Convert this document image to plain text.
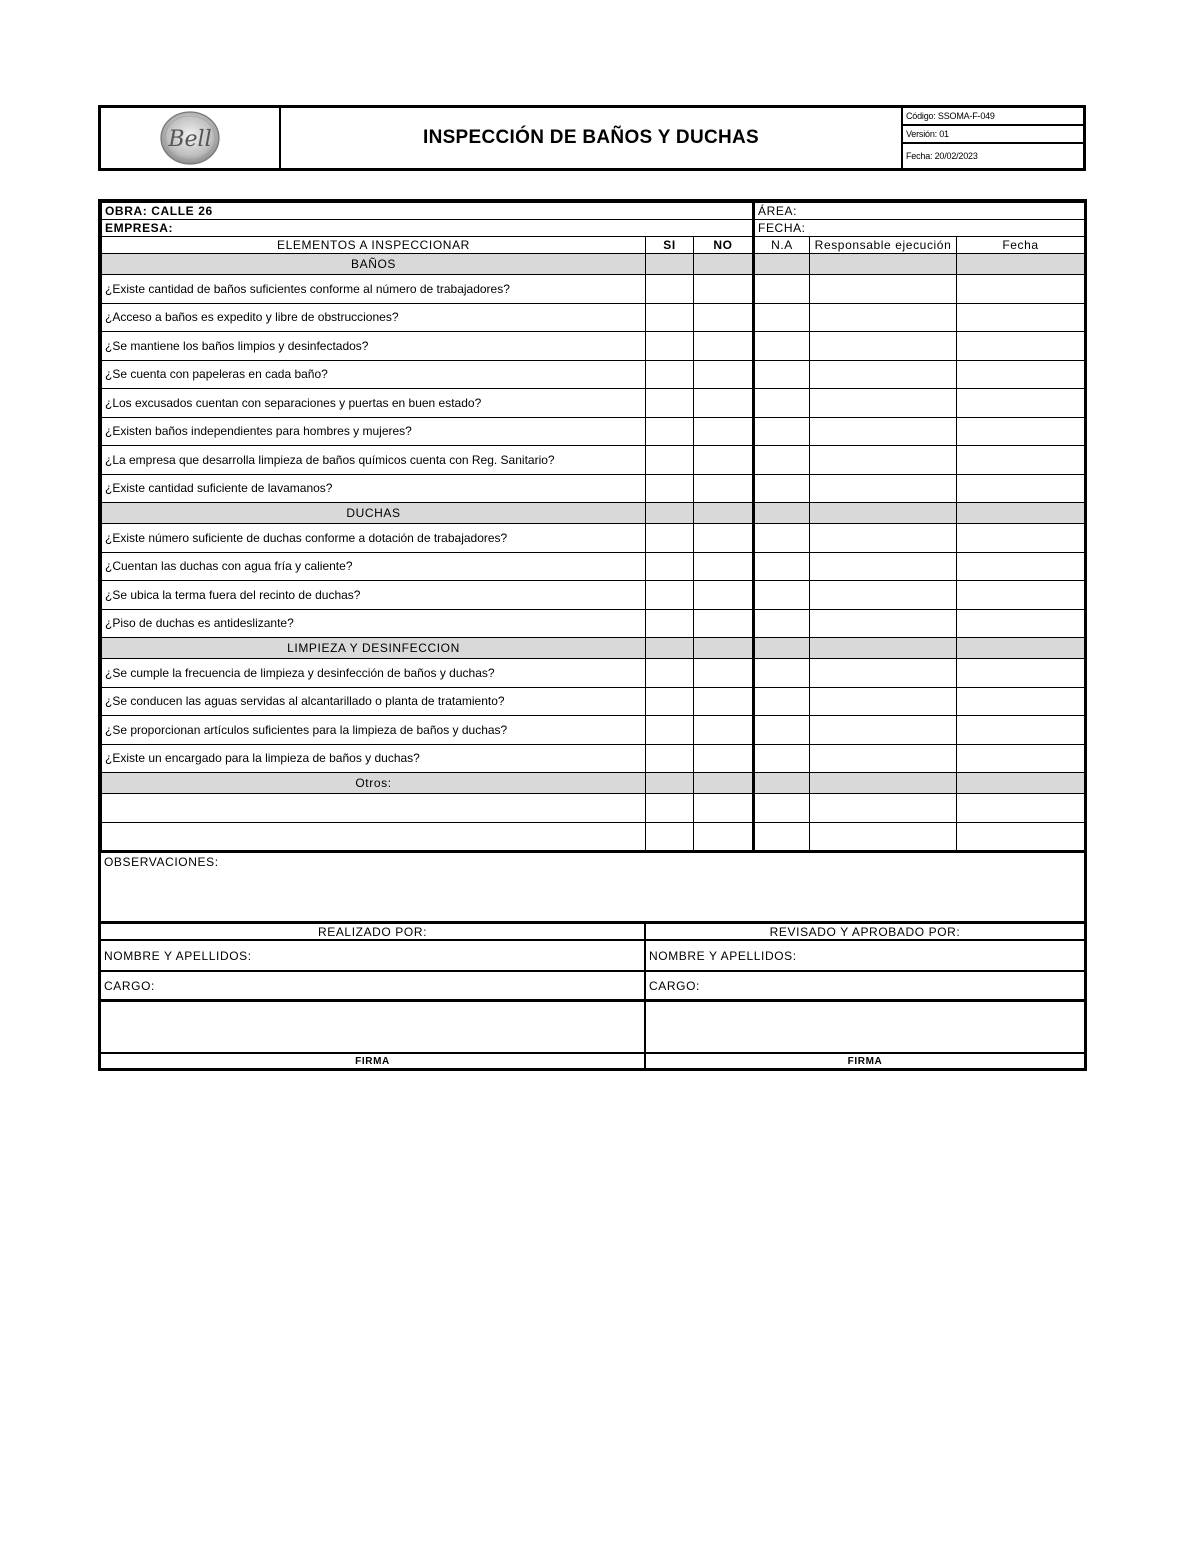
Bell	INSPECCIÓN DE BAÑOS Y DUCHAS
Código: SSOMA-F-049
Versión: 01
Fecha: 20/02/2023
OBRA: CALLE 26			ÁREA:		
EMPRESA:			FECHA:		
ELEMENTOS A INSPECCIONAR	SI	NO	N.A	Responsable ejecución	Fecha
BAÑOS					
¿Existe cantidad de baños suficientes conforme al número de trabajadores?					
¿Acceso a baños es expedito y libre de obstrucciones?					
¿Se mantiene los baños limpios y desinfectados?					
¿Se cuenta con papeleras en cada baño?					
¿Los excusados cuentan con separaciones y puertas en buen estado?					
¿Existen baños independientes para hombres y mujeres?					
¿La empresa que desarrolla limpieza de baños químicos cuenta con Reg. Sanitario?					
¿Existe cantidad suficiente de lavamanos?					
DUCHAS					
¿Existe número suficiente de duchas conforme a dotación de trabajadores?					
¿Cuentan las duchas con agua fría y caliente?					
¿Se ubica la terma fuera del recinto de duchas?					
¿Piso de duchas es antideslizante?					
LIMPIEZA Y DESINFECCION					
¿Se cumple la frecuencia de limpieza y desinfección de baños y duchas?					
¿Se conducen las aguas servidas al alcantarillado o planta de tratamiento?					
¿Se proporcionan artículos suficientes para la limpieza de baños y duchas?					
¿Existe un encargado para la limpieza de baños y duchas?					
Otros:					

OBSERVACIONES:
REALIZADO POR:
NOMBRE Y APELLIDOS:
CARGO:
FIRMA
REVISADO Y APROBADO POR:
NOMBRE Y APELLIDOS:
CARGO:
FIRMA
